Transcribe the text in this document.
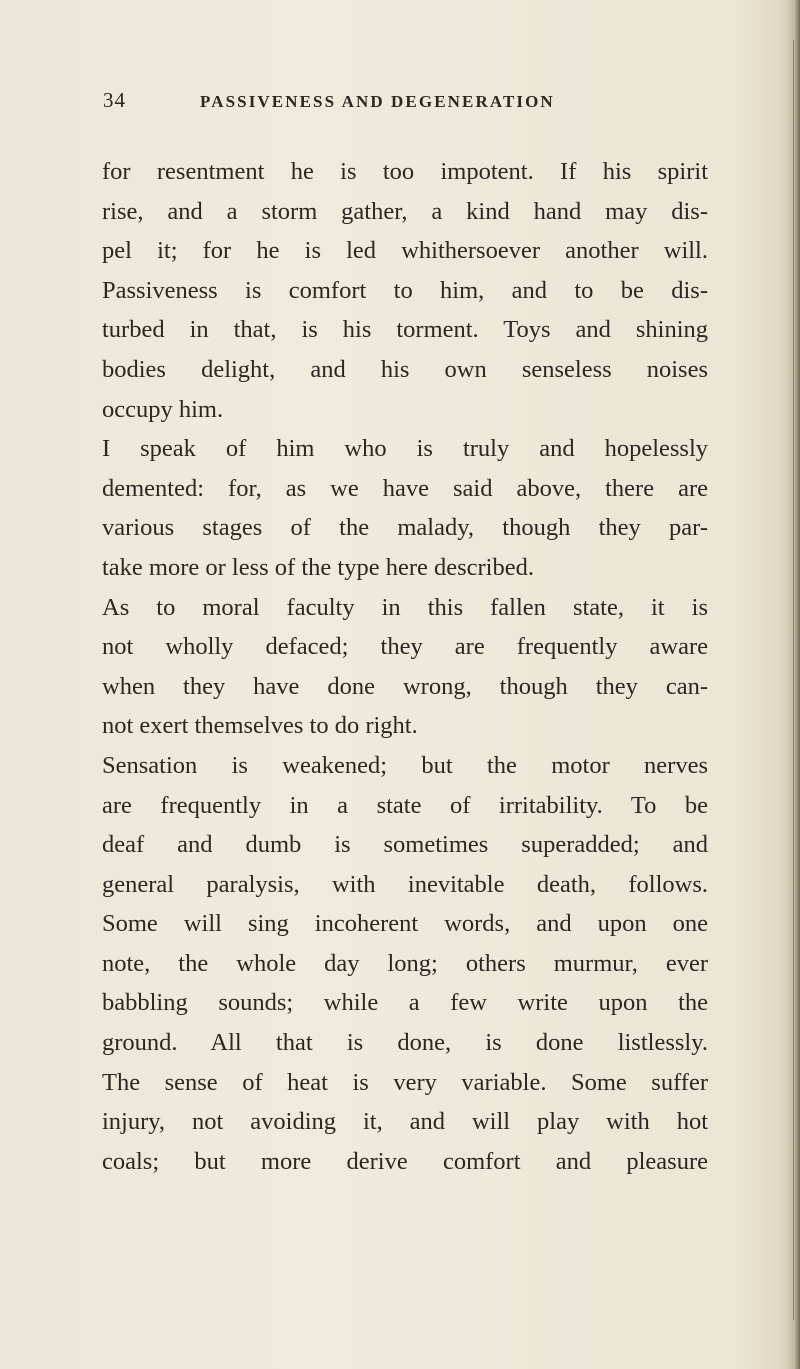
34	PASSIVENESS AND DEGENERATION
for resentment he is too impotent. If his spirit
rise, and a storm gather, a kind hand may dis-
pel it; for he is led whithersoever another will.
Passiveness is comfort to him, and to be dis-
turbed in that, is his torment. Toys and shining
bodies delight, and his own senseless noises
occupy him.
I speak of him who is truly and hopelessly
demented: for, as we have said above, there are
various stages of the malady, though they par-
take more or less of the type here described.
As to moral faculty in this fallen state, it is
not wholly defaced; they are frequently aware
when they have done wrong, though they can-
not exert themselves to do right.
Sensation is weakened; but the motor nerves
are frequently in a state of irritability. To be
deaf and dumb is sometimes superadded; and
general paralysis, with inevitable death, follows.
Some will sing incoherent words, and upon one
note, the whole day long; others murmur, ever
babbling sounds; while a few write upon the
ground. All that is done, is done listlessly.
The sense of heat is very variable. Some suffer
injury, not avoiding it, and will play with hot
coals; but more derive comfort and pleasure
